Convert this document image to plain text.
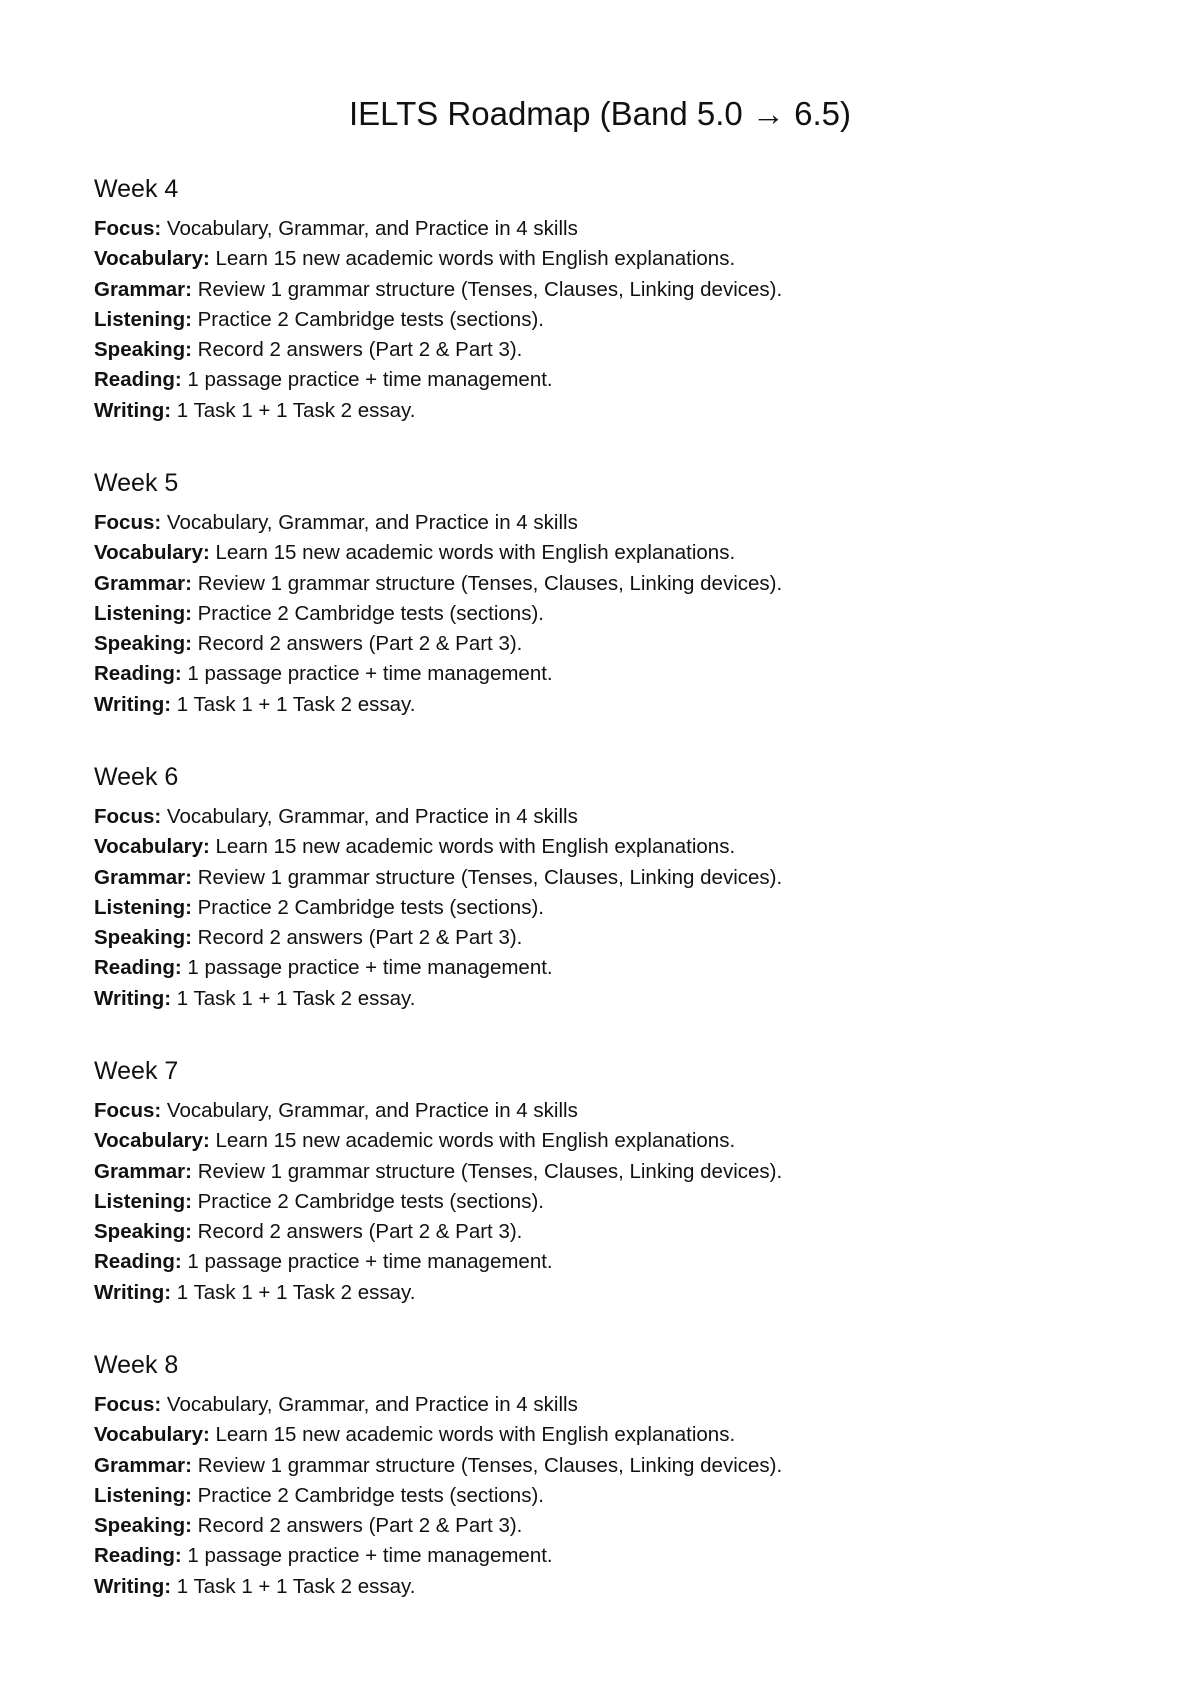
IELTS Roadmap (Band 5.0 → 6.5)
Week 4
Focus: Vocabulary, Grammar, and Practice in 4 skills
Vocabulary: Learn 15 new academic words with English explanations.
Grammar: Review 1 grammar structure (Tenses, Clauses, Linking devices).
Listening: Practice 2 Cambridge tests (sections).
Speaking: Record 2 answers (Part 2 & Part 3).
Reading: 1 passage practice + time management.
Writing: 1 Task 1 + 1 Task 2 essay.
Week 5
Focus: Vocabulary, Grammar, and Practice in 4 skills
Vocabulary: Learn 15 new academic words with English explanations.
Grammar: Review 1 grammar structure (Tenses, Clauses, Linking devices).
Listening: Practice 2 Cambridge tests (sections).
Speaking: Record 2 answers (Part 2 & Part 3).
Reading: 1 passage practice + time management.
Writing: 1 Task 1 + 1 Task 2 essay.
Week 6
Focus: Vocabulary, Grammar, and Practice in 4 skills
Vocabulary: Learn 15 new academic words with English explanations.
Grammar: Review 1 grammar structure (Tenses, Clauses, Linking devices).
Listening: Practice 2 Cambridge tests (sections).
Speaking: Record 2 answers (Part 2 & Part 3).
Reading: 1 passage practice + time management.
Writing: 1 Task 1 + 1 Task 2 essay.
Week 7
Focus: Vocabulary, Grammar, and Practice in 4 skills
Vocabulary: Learn 15 new academic words with English explanations.
Grammar: Review 1 grammar structure (Tenses, Clauses, Linking devices).
Listening: Practice 2 Cambridge tests (sections).
Speaking: Record 2 answers (Part 2 & Part 3).
Reading: 1 passage practice + time management.
Writing: 1 Task 1 + 1 Task 2 essay.
Week 8
Focus: Vocabulary, Grammar, and Practice in 4 skills
Vocabulary: Learn 15 new academic words with English explanations.
Grammar: Review 1 grammar structure (Tenses, Clauses, Linking devices).
Listening: Practice 2 Cambridge tests (sections).
Speaking: Record 2 answers (Part 2 & Part 3).
Reading: 1 passage practice + time management.
Writing: 1 Task 1 + 1 Task 2 essay.
